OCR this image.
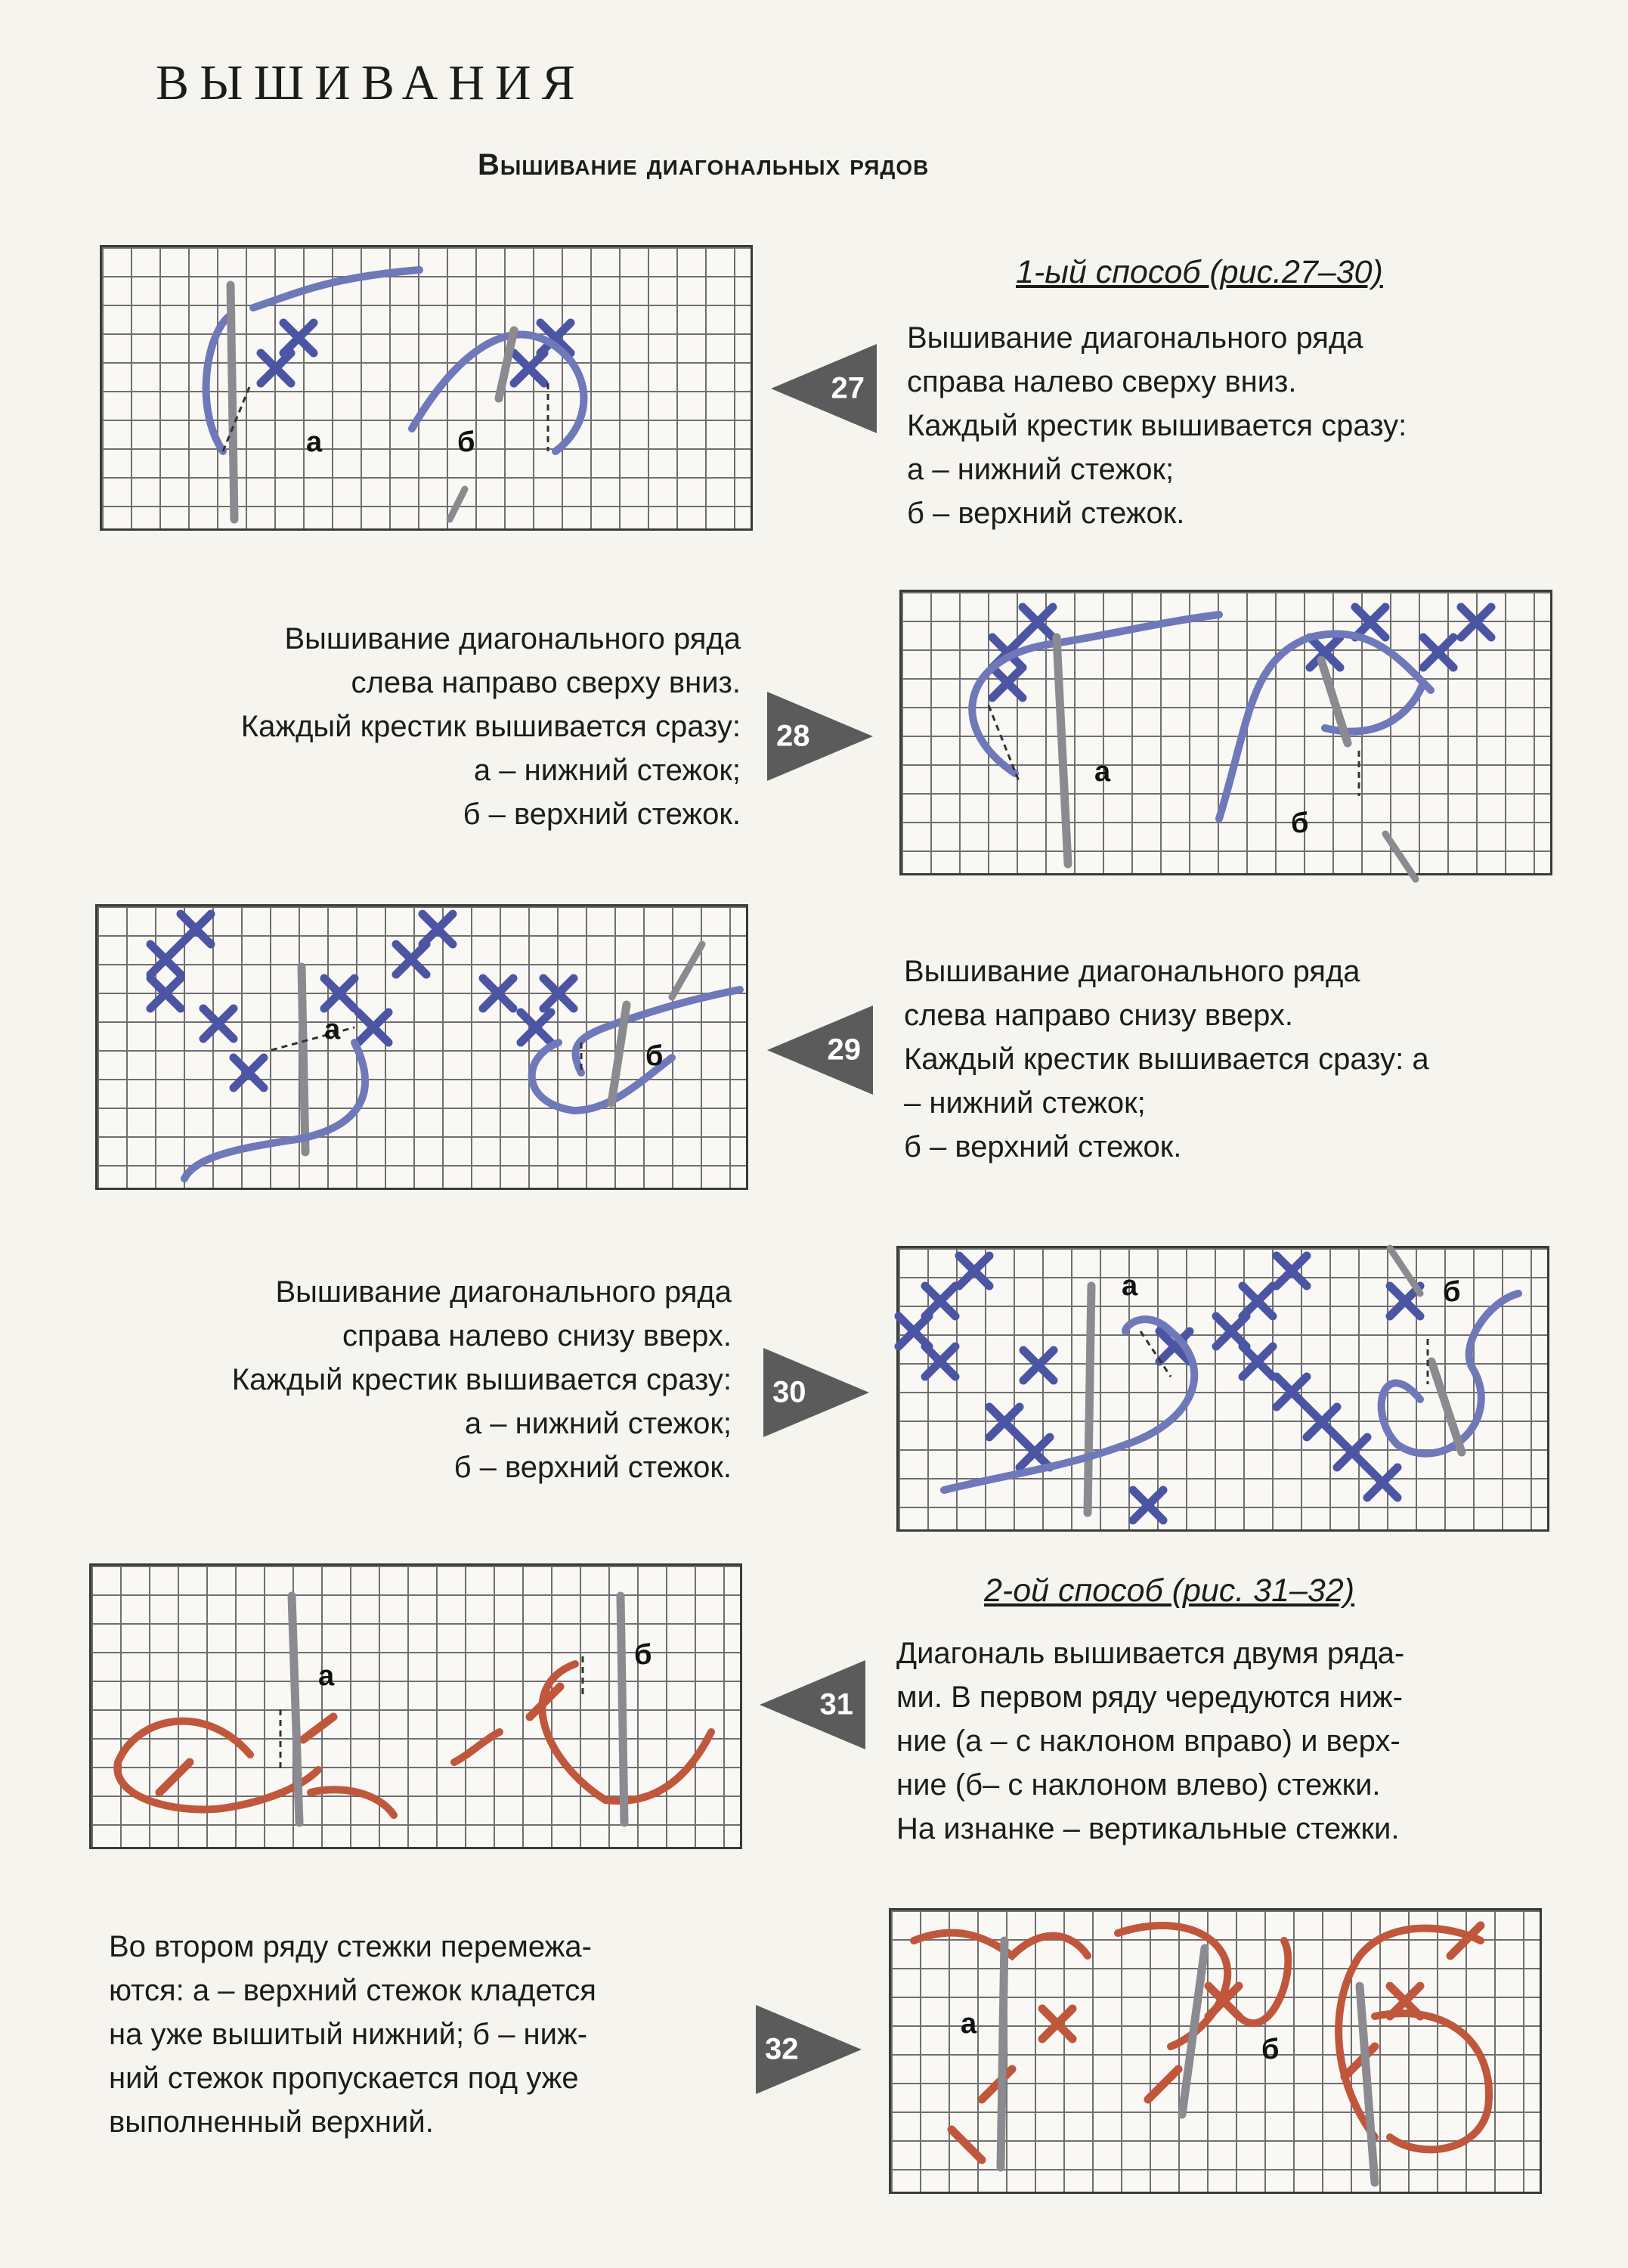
ВЫШИВАНИЯ
Вышивание диагональных рядов
а	б
27
1-ый способ (рис.27–30)
Вышивание диагонального ряда
справа налево сверху вниз.
Каждый крестик вышивается сразу:
а – нижний стежок;
б – верхний стежок.
Вышивание диагонального ряда
слева направо сверху вниз.
Каждый крестик вышивается сразу:
а – нижний стежок;
б – верхний стежок.
28
а
б
а
б	29
Вышивание диагонального ряда
слева направо снизу вверх.
Каждый крестик вышивается сразу: а
– нижний стежок;
б – верхний стежок.
Вышивание диагонального ряда
справа налево снизу вверх.
Каждый крестик вышивается сразу:
а – нижний стежок;
б – верхний стежок.
30
а	б
а
б
31
2-ой способ (рис. 31–32)
Диагональ вышивается двумя ряда-
ми. В первом ряду чередуются ниж-
ние (а – с наклоном вправо) и верх-
ние (б– с наклоном влево) стежки.
На изнанке – вертикальные стежки.
Во втором ряду стежки перемежа-
ются: а – верхний стежок кладется
на уже вышитый нижний; б – ниж-
ний стежок пропускается под уже
выполненный верхний.
32
а
б
